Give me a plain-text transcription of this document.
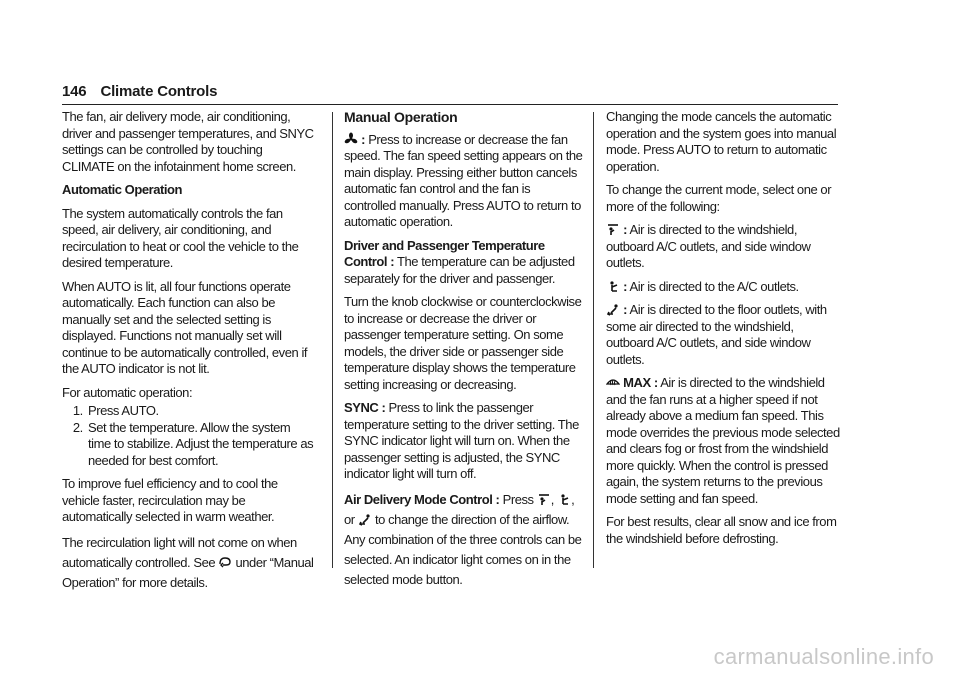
146 Climate Controls

The fan, air delivery mode, air conditioning, driver and passenger temperatures, and SNYC settings can be controlled by touching CLIMATE on the infotainment home screen.

Automatic Operation

The system automatically controls the fan speed, air delivery, air conditioning, and recirculation to heat or cool the vehicle to the desired temperature.

When AUTO is lit, all four functions operate automatically. Each function can also be manually set and the selected setting is displayed. Functions not manually set will continue to be automatically controlled, even if the AUTO indicator is not lit.

For automatic operation:

1. Press AUTO.
2. Set the temperature. Allow the system time to stabilize. Adjust the temperature as needed for best comfort.

To improve fuel efficiency and to cool the vehicle faster, recirculation may be automatically selected in warm weather.

The recirculation light will not come on when automatically controlled. See under “Manual Operation” for more details.

Manual Operation

: Press to increase or decrease the fan speed. The fan speed setting appears on the main display. Pressing either button cancels automatic fan control and the fan is controlled manually. Press AUTO to return to automatic operation.

Driver and Passenger Temperature Control : The temperature can be adjusted separately for the driver and passenger.

Turn the knob clockwise or counterclockwise to increase or decrease the driver or passenger temperature setting. On some models, the driver side or passenger side temperature display shows the temperature setting increasing or decreasing.

SYNC : Press to link the passenger temperature setting to the driver setting. The SYNC indicator light will turn on. When the passenger setting is adjusted, the SYNC indicator light will turn off.

Air Delivery Mode Control : Press , ,
or to change the direction of the airflow. Any combination of the three controls can be selected. An indicator light comes on in the selected mode button.

Changing the mode cancels the automatic operation and the system goes into manual mode. Press AUTO to return to automatic operation.

To change the current mode, select one or more of the following:

: Air is directed to the windshield, outboard A/C outlets, and side window outlets.

: Air is directed to the A/C outlets.

: Air is directed to the floor outlets, with some air directed to the windshield, outboard A/C outlets, and side window outlets.

MAX : Air is directed to the windshield and the fan runs at a higher speed if not already above a medium fan speed. This mode overrides the previous mode selected and clears fog or frost from the windshield more quickly. When the control is pressed again, the system returns to the previous mode setting and fan speed.

For best results, clear all snow and ice from the windshield before defrosting.

carmanualsonline.info
